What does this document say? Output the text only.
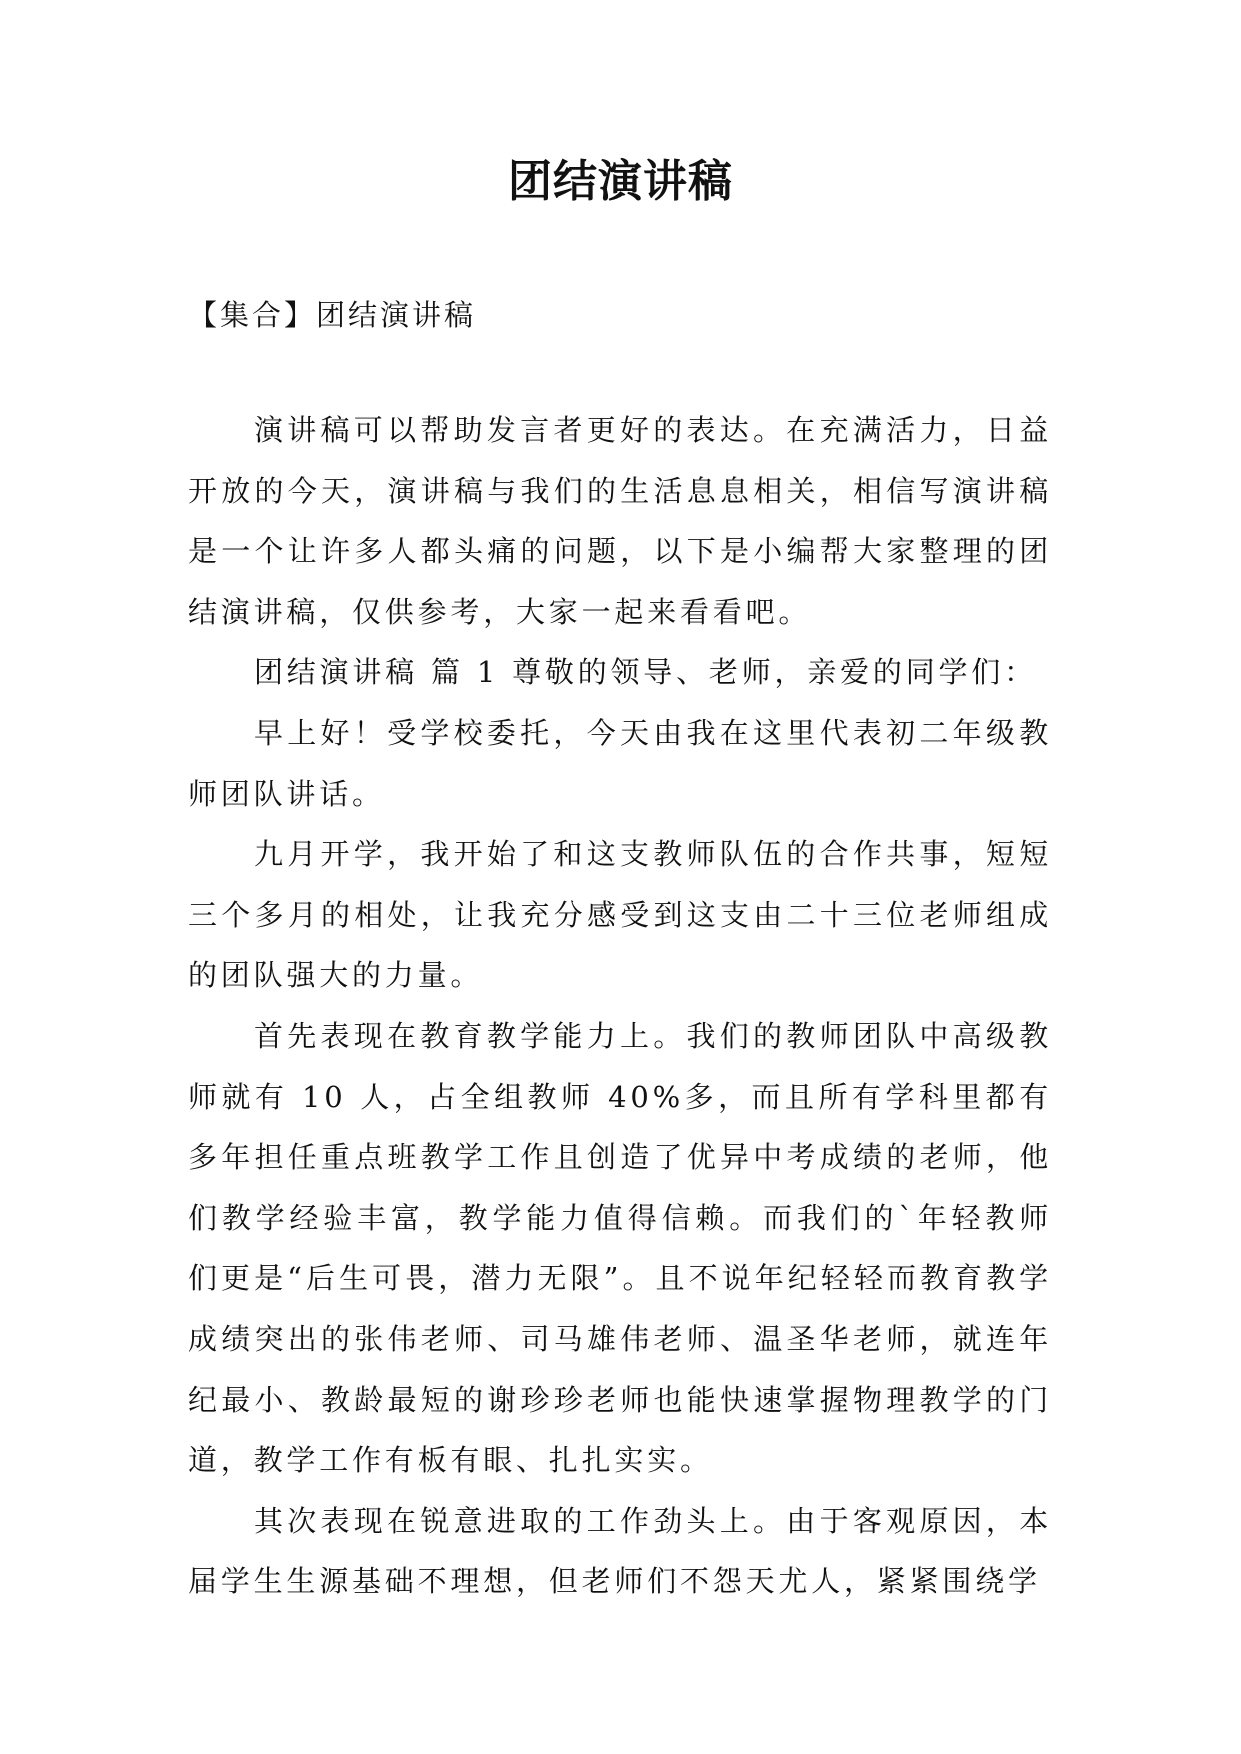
团结演讲稿

【集合】团结演讲稿

演讲稿可以帮助发言者更好的表达。在充满活力，日益开放的今天，演讲稿与我们的生活息息相关，相信写演讲稿是一个让许多人都头痛的问题，以下是小编帮大家整理的团结演讲稿，仅供参考，大家一起来看看吧。

团结演讲稿 篇 1 尊敬的领导、老师，亲爱的同学们：

早上好！受学校委托，今天由我在这里代表初二年级教师团队讲话。

九月开学，我开始了和这支教师队伍的合作共事，短短三个多月的相处，让我充分感受到这支由二十三位老师组成的团队强大的力量。

首先表现在教育教学能力上。我们的教师团队中高级教师就有 10 人，占全组教师 40%多，而且所有学科里都有多年担任重点班教学工作且创造了优异中考成绩的老师，他们教学经验丰富，教学能力值得信赖。而我们的`年轻教师们更是“后生可畏，潜力无限”。且不说年纪轻轻而教育教学成绩突出的张伟老师、司马雄伟老师、温圣华老师，就连年纪最小、教龄最短的谢珍珍老师也能快速掌握物理教学的门道，教学工作有板有眼、扎扎实实。

其次表现在锐意进取的工作劲头上。由于客观原因，本届学生生源基础不理想，但老师们不怨天尤人，紧紧围绕学
